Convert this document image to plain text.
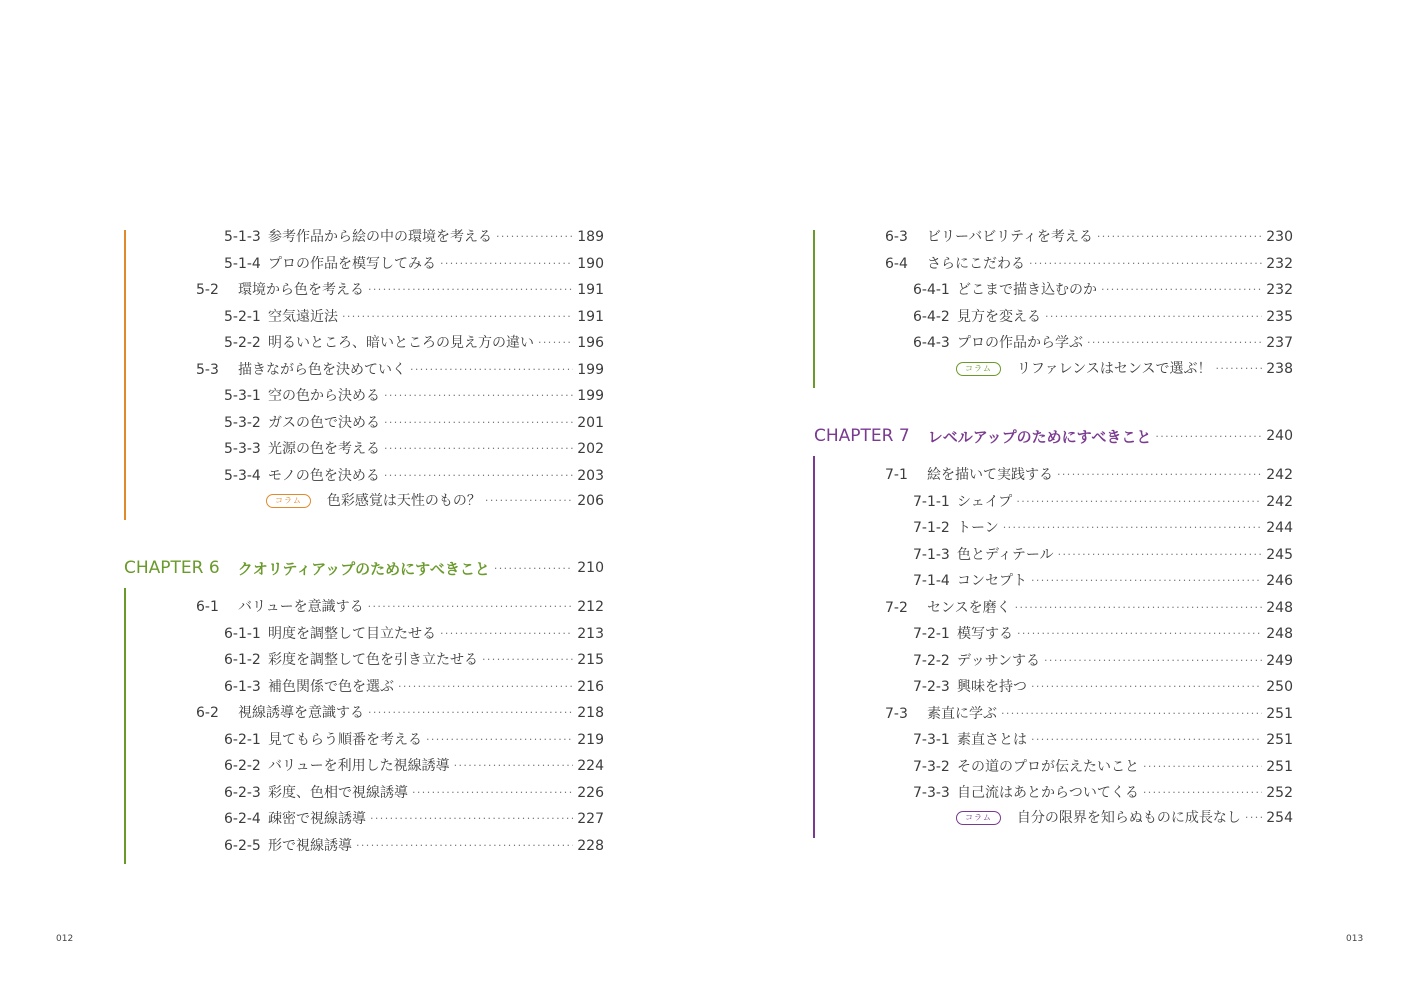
5-1-3 参考作品から絵の中の環境を考える ·····	189
5-1-4 プロの作品を模写してみる ·····	190
5-2	環境から色を考える ·····	191
5-2-1 空気遠近法 ·····	191
5-2-2 明るいところ、暗いところの見え方の違い ·····	196
5-3	描きながら色を決めていく ·····	199
5-3-1 空の色から決める ·····	199
5-3-2 ガスの色で決める ·····	201
5-3-3 光源の色を考える ·····	202
5-3-4 モノの色を決める ·····	203
コラム	色彩感覚は天性のもの？ ·····	206
CHAPTER 6 クオリティアップのためにすべきこと ·····	210
6-1	バリューを意識する ·····	212
6-1-1 明度を調整して目立たせる ·····	213
6-1-2 彩度を調整して色を引き立たせる ·····	215
6-1-3 補色関係で色を選ぶ ·····	216
6-2	視線誘導を意識する ·····	218
6-2-1 見てもらう順番を考える ·····	219
6-2-2 バリューを利用した視線誘導 ·····	224
6-2-3 彩度、色相で視線誘導 ·····	226
6-2-4 疎密で視線誘導 ·····	227
6-2-5 形で視線誘導 ·····	228
012
6-3	ビリーバビリティを考える ·····	230
6-4	さらにこだわる ·····	232
6-4-1 どこまで描き込むのか ·····	232
6-4-2 見方を変える ·····	235
6-4-3 プロの作品から学ぶ ·····	237
コラム	リファレンスはセンスで選ぶ！ ·····	238
CHAPTER 7 レベルアップのためにすべきこと ·····	240
7-1	絵を描いて実践する ·····	242
7-1-1 シェイプ ·····	242
7-1-2 トーン ·····	244
7-1-3 色とディテール ·····	245
7-1-4 コンセプト ·····	246
7-2	センスを磨く ·····	248
7-2-1 模写する ·····	248
7-2-2 デッサンする ·····	249
7-2-3 興味を持つ ·····	250
7-3	素直に学ぶ ·····	251
7-3-1 素直さとは ·····	251
7-3-2 その道のプロが伝えたいこと ·····	251
7-3-3 自己流はあとからついてくる ·····	252
コラム	自分の限界を知らぬものに成長なし ····· 254
013
